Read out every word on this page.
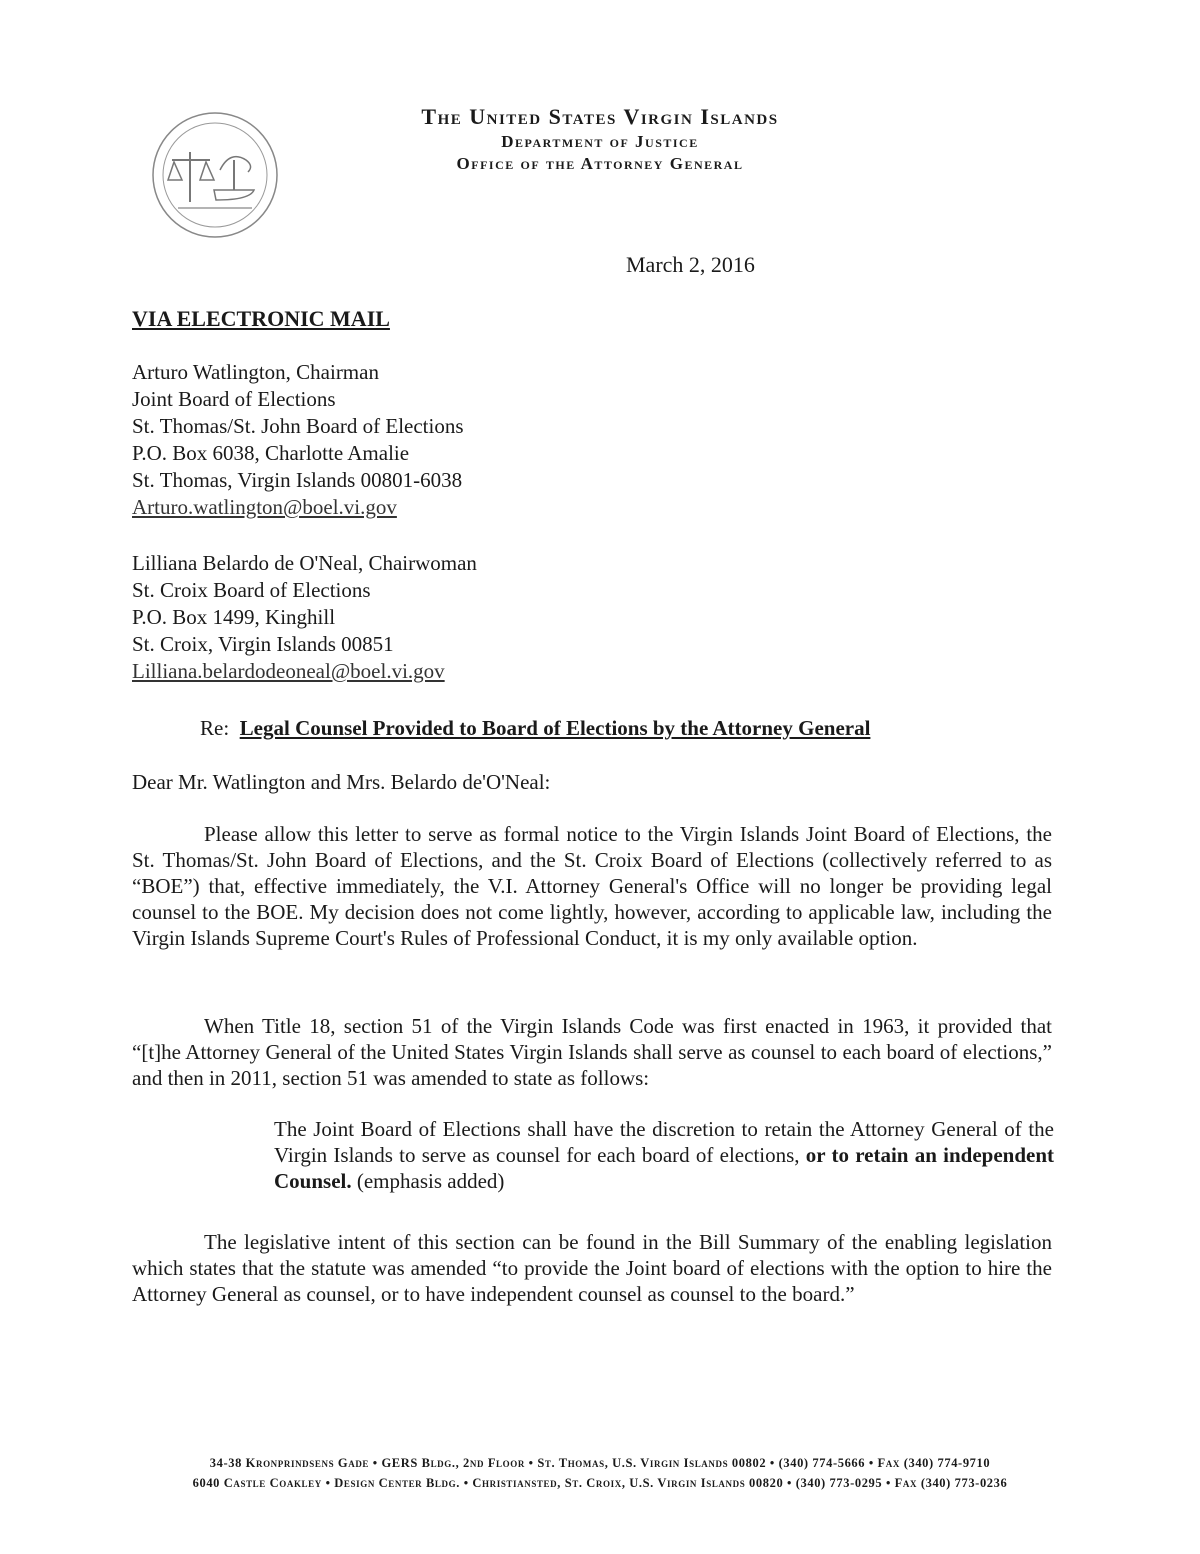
The United States Virgin Islands
Department of Justice
Office of the Attorney General
March 2, 2016
VIA ELECTRONIC MAIL
Arturo Watlington, Chairman
Joint Board of Elections
St. Thomas/St. John Board of Elections
P.O. Box 6038, Charlotte Amalie
St. Thomas, Virgin Islands 00801-6038
Arturo.watlington@boel.vi.gov
Lilliana Belardo de O'Neal, Chairwoman
St. Croix Board of Elections
P.O. Box 1499, Kinghill
St. Croix, Virgin Islands 00851
Lilliana.belardodeoneal@boel.vi.gov
Re: Legal Counsel Provided to Board of Elections by the Attorney General
Dear Mr. Watlington and Mrs. Belardo de'O'Neal:
Please allow this letter to serve as formal notice to the Virgin Islands Joint Board of Elections, the St. Thomas/St. John Board of Elections, and the St. Croix Board of Elections (collectively referred to as “BOE”) that, effective immediately, the V.I. Attorney General's Office will no longer be providing legal counsel to the BOE. My decision does not come lightly, however, according to applicable law, including the Virgin Islands Supreme Court's Rules of Professional Conduct, it is my only available option.
When Title 18, section 51 of the Virgin Islands Code was first enacted in 1963, it provided that “[t]he Attorney General of the United States Virgin Islands shall serve as counsel to each board of elections,” and then in 2011, section 51 was amended to state as follows:
The Joint Board of Elections shall have the discretion to retain the Attorney General of the Virgin Islands to serve as counsel for each board of elections, or to retain an independent Counsel. (emphasis added)
The legislative intent of this section can be found in the Bill Summary of the enabling legislation which states that the statute was amended “to provide the Joint board of elections with the option to hire the Attorney General as counsel, or to have independent counsel as counsel to the board.”
34-38 Kronprindsens Gade • GERS Bldg., 2nd Floor • St. Thomas, U.S. Virgin Islands 00802 • (340) 774-5666 • Fax (340) 774-9710
6040 Castle Coakley • Design Center Bldg. • Christiansted, St. Croix, U.S. Virgin Islands 00820 • (340) 773-0295 • Fax (340) 773-0236
